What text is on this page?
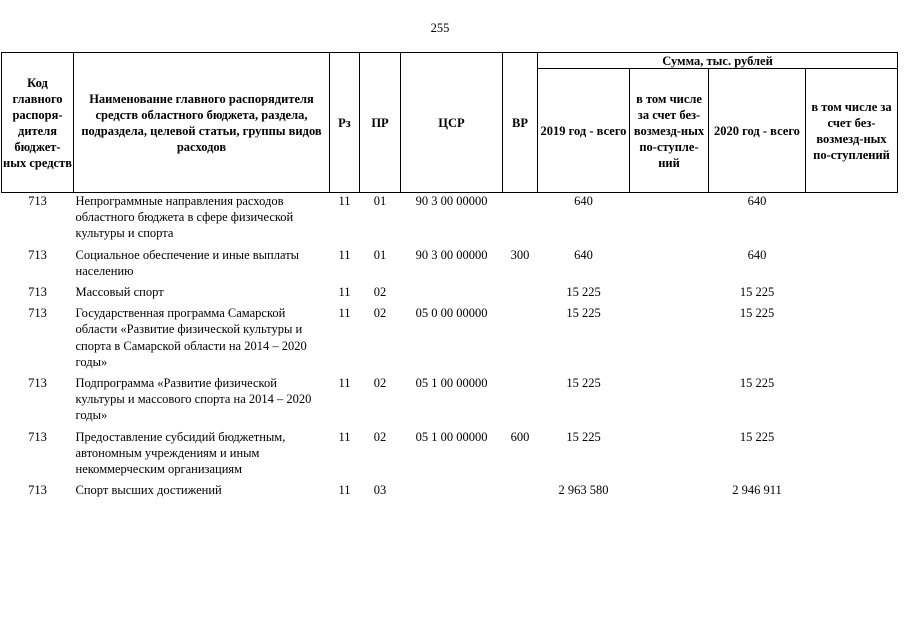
255
Код главного распоря-дителя бюджет-ных средств	Наименование главного распорядителя средств областного бюджета, раздела, подраздела, целевой статьи, группы видов расходов	Рз	ПР	ЦСР	ВР	Сумма, тыс. рублей			
						2019 год - всего	в том числе за счет без-возмезд-ных по-ступле-ний	2020 год - всего	в том числе за счет без-возмезд-ных по-ступлений
713	Непрограммные направления расходов областного бюджета в сфере физической культуры и спорта	11	01	90 3 00 00000		640		640	
713	Социальное обеспечение и иные выплаты населению	11	01	90 3 00 00000	300	640		640	
713	Массовый спорт	11	02			15 225		15 225	
713	Государственная программа Самарской области «Развитие физической культуры и спорта в Самарской области на 2014 – 2020 годы»	11	02	05 0 00 00000		15 225		15 225	
713	Подпрограмма «Развитие физической культуры и массового спорта на 2014 – 2020 годы»	11	02	05 1 00 00000		15 225		15 225	
713	Предоставление субсидий бюджетным, автономным учреждениям и иным некоммерческим организациям	11	02	05 1 00 00000	600	15 225		15 225	
713	Спорт высших достижений	11	03			2 963 580		2 946 911	
